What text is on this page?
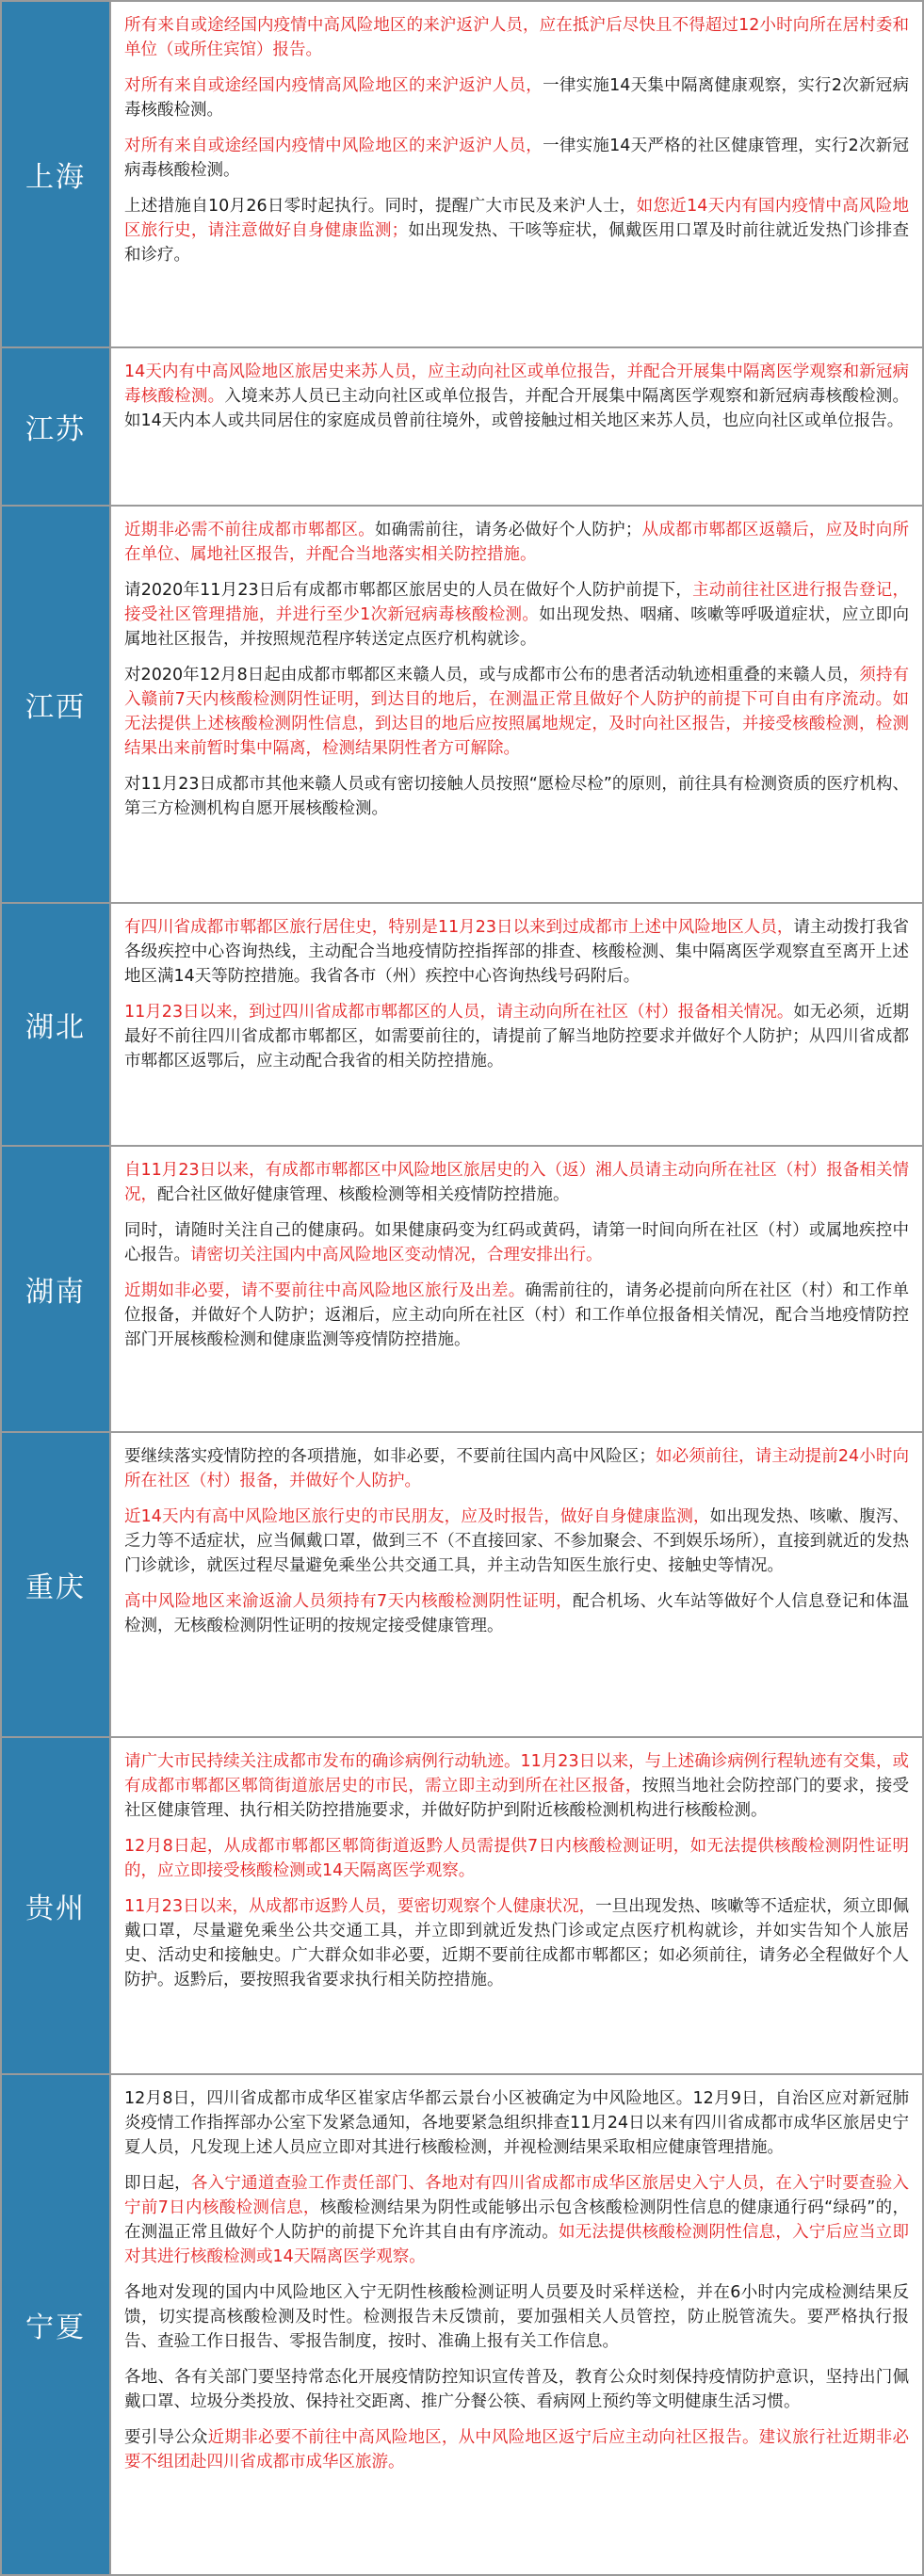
上海

所有来自或途经国内疫情中高风险地区的来沪返沪人员，应在抵沪后尽快且不得超过12小时向所在居村委和单位（或所住宾馆）报告。

对所有来自或途经国内疫情高风险地区的来沪返沪人员，一律实施14天集中隔离健康观察，实行2次新冠病毒核酸检测。

对所有来自或途经国内疫情中风险地区的来沪返沪人员，一律实施14天严格的社区健康管理，实行2次新冠病毒核酸检测。

上述措施自10月26日零时起执行。同时，提醒广大市民及来沪人士，如您近14天内有国内疫情中高风险地区旅行史，请注意做好自身健康监测；如出现发热、干咳等症状，佩戴医用口罩及时前往就近发热门诊排查和诊疗。

江苏

14天内有中高风险地区旅居史来苏人员，应主动向社区或单位报告，并配合开展集中隔离医学观察和新冠病毒核酸检测。入境来苏人员已主动向社区或单位报告，并配合开展集中隔离医学观察和新冠病毒核酸检测。如14天内本人或共同居住的家庭成员曾前往境外，或曾接触过相关地区来苏人员，也应向社区或单位报告。

江西

近期非必需不前往成都市郫都区。如确需前往，请务必做好个人防护；从成都市郫都区返赣后，应及时向所在单位、属地社区报告，并配合当地落实相关防控措施。

请2020年11月23日后有成都市郫都区旅居史的人员在做好个人防护前提下，主动前往社区进行报告登记，接受社区管理措施，并进行至少1次新冠病毒核酸检测。如出现发热、咽痛、咳嗽等呼吸道症状，应立即向属地社区报告，并按照规范程序转送定点医疗机构就诊。

对2020年12月8日起由成都市郫都区来赣人员，或与成都市公布的患者活动轨迹相重叠的来赣人员，须持有入赣前7天内核酸检测阴性证明，到达目的地后，在测温正常且做好个人防护的前提下可自由有序流动。如无法提供上述核酸检测阴性信息，到达目的地后应按照属地规定，及时向社区报告，并接受核酸检测，检测结果出来前暂时集中隔离，检测结果阴性者方可解除。

对11月23日成都市其他来赣人员或有密切接触人员按照“愿检尽检”的原则，前往具有检测资质的医疗机构、第三方检测机构自愿开展核酸检测。

湖北

有四川省成都市郫都区旅行居住史，特别是11月23日以来到过成都市上述中风险地区人员，请主动拨打我省各级疾控中心咨询热线，主动配合当地疫情防控指挥部的排查、核酸检测、集中隔离医学观察直至离开上述地区满14天等防控措施。我省各市（州）疾控中心咨询热线号码附后。

11月23日以来，到过四川省成都市郫都区的人员，请主动向所在社区（村）报备相关情况。如无必须，近期最好不前往四川省成都市郫都区，如需要前往的，请提前了解当地防控要求并做好个人防护；从四川省成都市郫都区返鄂后，应主动配合我省的相关防控措施。

湖南

自11月23日以来，有成都市郫都区中风险地区旅居史的入（返）湘人员请主动向所在社区（村）报备相关情况，配合社区做好健康管理、核酸检测等相关疫情防控措施。

同时，请随时关注自己的健康码。如果健康码变为红码或黄码，请第一时间向所在社区（村）或属地疾控中心报告。请密切关注国内中高风险地区变动情况，合理安排出行。

近期如非必要，请不要前往中高风险地区旅行及出差。确需前往的，请务必提前向所在社区（村）和工作单位报备，并做好个人防护；返湘后，应主动向所在社区（村）和工作单位报备相关情况，配合当地疫情防控部门开展核酸检测和健康监测等疫情防控措施。

重庆

要继续落实疫情防控的各项措施，如非必要，不要前往国内高中风险区；如必须前往，请主动提前24小时向所在社区（村）报备，并做好个人防护。

近14天内有高中风险地区旅行史的市民朋友，应及时报告，做好自身健康监测，如出现发热、咳嗽、腹泻、乏力等不适症状，应当佩戴口罩，做到三不（不直接回家、不参加聚会、不到娱乐场所），直接到就近的发热门诊就诊，就医过程尽量避免乘坐公共交通工具，并主动告知医生旅行史、接触史等情况。

高中风险地区来渝返渝人员须持有7天内核酸检测阴性证明，配合机场、火车站等做好个人信息登记和体温检测，无核酸检测阴性证明的按规定接受健康管理。

贵州

请广大市民持续关注成都市发布的确诊病例行动轨迹。11月23日以来，与上述确诊病例行程轨迹有交集，或有成都市郫都区郫筒街道旅居史的市民，需立即主动到所在社区报备，按照当地社会防控部门的要求，接受社区健康管理、执行相关防控措施要求，并做好防护到附近核酸检测机构进行核酸检测。

12月8日起，从成都市郫都区郫筒街道返黔人员需提供7日内核酸检测证明，如无法提供核酸检测阴性证明的，应立即接受核酸检测或14天隔离医学观察。

11月23日以来，从成都市返黔人员，要密切观察个人健康状况，一旦出现发热、咳嗽等不适症状，须立即佩戴口罩，尽量避免乘坐公共交通工具，并立即到就近发热门诊或定点医疗机构就诊，并如实告知个人旅居史、活动史和接触史。广大群众如非必要，近期不要前往成都市郫都区；如必须前往，请务必全程做好个人防护。返黔后，要按照我省要求执行相关防控措施。

宁夏

12月8日，四川省成都市成华区崔家店华都云景台小区被确定为中风险地区。12月9日，自治区应对新冠肺炎疫情工作指挥部办公室下发紧急通知，各地要紧急组织排查11月24日以来有四川省成都市成华区旅居史宁夏人员，凡发现上述人员应立即对其进行核酸检测，并视检测结果采取相应健康管理措施。

即日起，各入宁通道查验工作责任部门、各地对有四川省成都市成华区旅居史入宁人员，在入宁时要查验入宁前7日内核酸检测信息，核酸检测结果为阴性或能够出示包含核酸检测阴性信息的健康通行码“绿码”的，在测温正常且做好个人防护的前提下允许其自由有序流动。如无法提供核酸检测阴性信息，入宁后应当立即对其进行核酸检测或14天隔离医学观察。

各地对发现的国内中风险地区入宁无阴性核酸检测证明人员要及时采样送检，并在6小时内完成检测结果反馈，切实提高核酸检测及时性。检测报告未反馈前，要加强相关人员管控，防止脱管流失。要严格执行报告、查验工作日报告、零报告制度，按时、准确上报有关工作信息。

各地、各有关部门要坚持常态化开展疫情防控知识宣传普及，教育公众时刻保持疫情防护意识，坚持出门佩戴口罩、垃圾分类投放、保持社交距离、推广分餐公筷、看病网上预约等文明健康生活习惯。

要引导公众近期非必要不前往中高风险地区，从中风险地区返宁后应主动向社区报告。建议旅行社近期非必要不组团赴四川省成都市成华区旅游。
